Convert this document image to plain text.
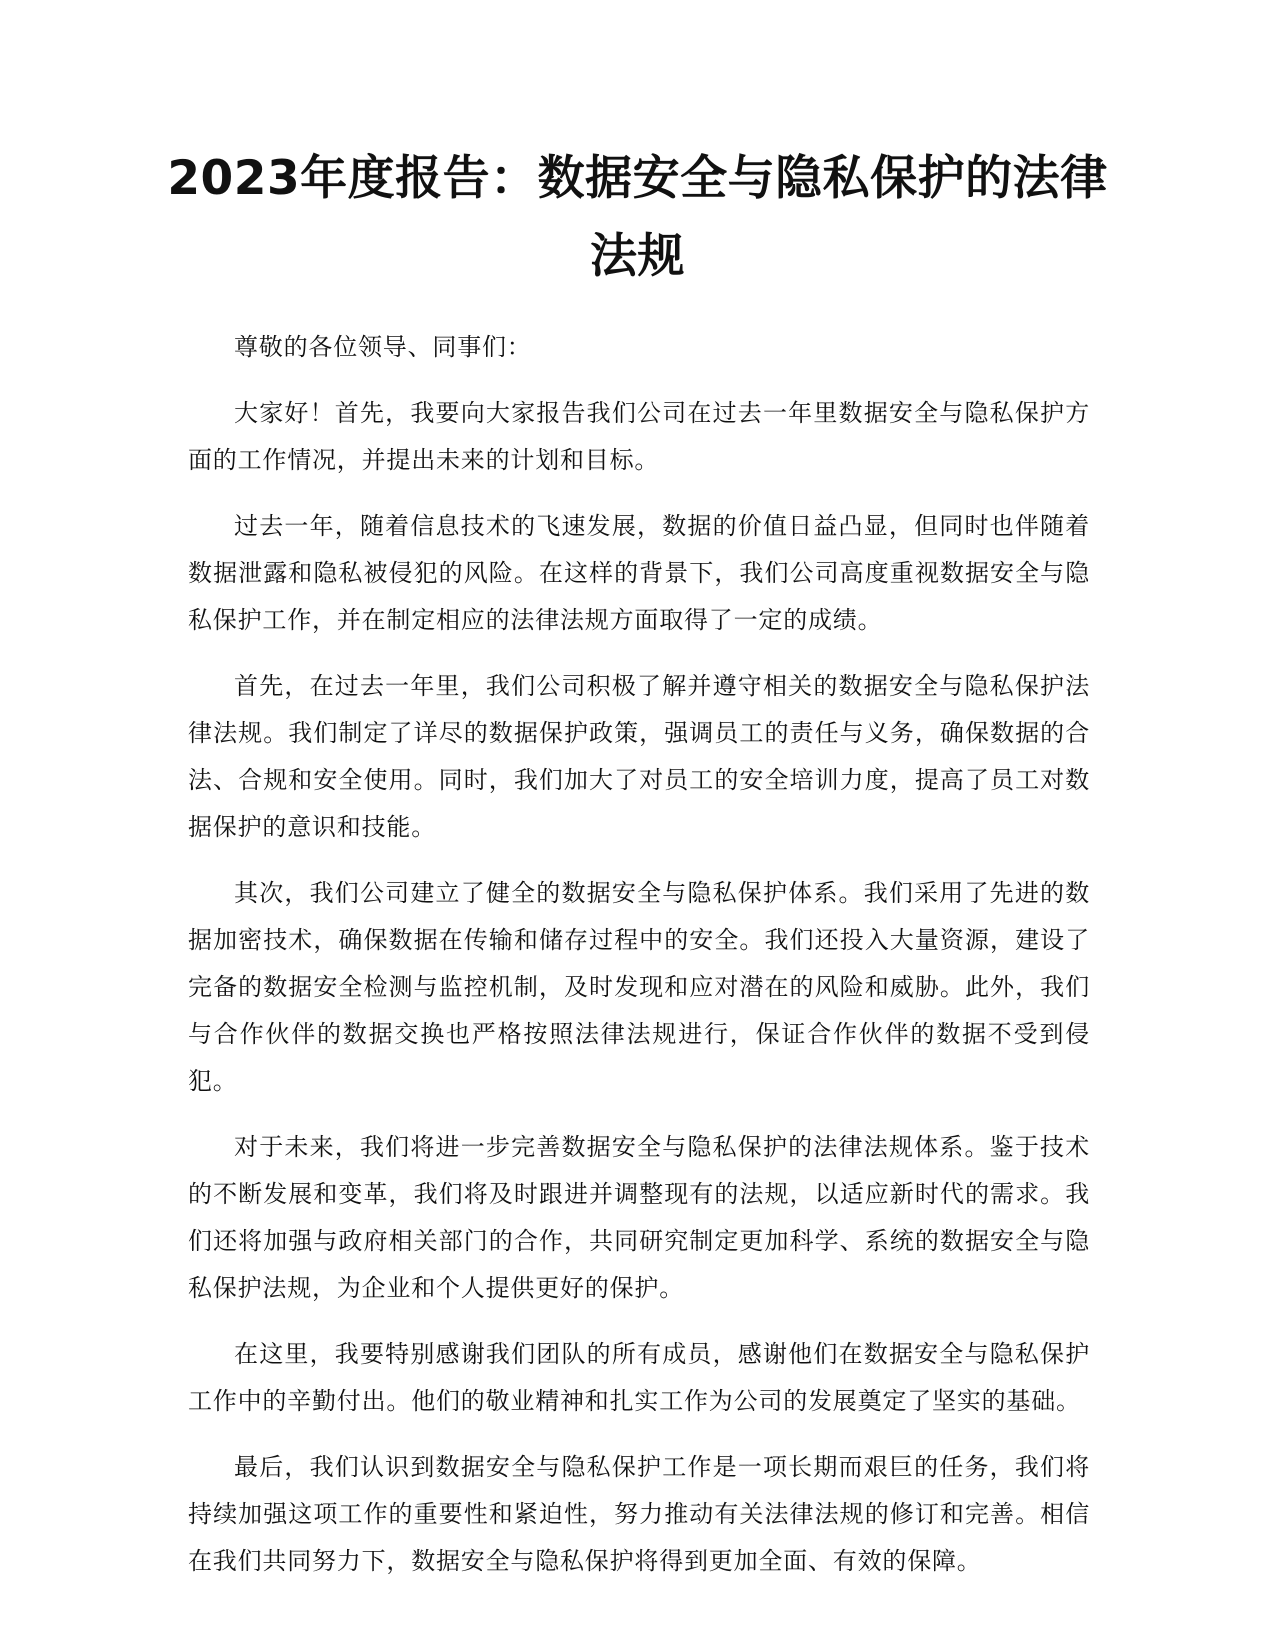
2023年度报告：数据安全与隐私保护的法律法规

尊敬的各位领导、同事们：

大家好！首先，我要向大家报告我们公司在过去一年里数据安全与隐私保护方面的工作情况，并提出未来的计划和目标。

过去一年，随着信息技术的飞速发展，数据的价值日益凸显，但同时也伴随着数据泄露和隐私被侵犯的风险。在这样的背景下，我们公司高度重视数据安全与隐私保护工作，并在制定相应的法律法规方面取得了一定的成绩。

首先，在过去一年里，我们公司积极了解并遵守相关的数据安全与隐私保护法律法规。我们制定了详尽的数据保护政策，强调员工的责任与义务，确保数据的合法、合规和安全使用。同时，我们加大了对员工的安全培训力度，提高了员工对数据保护的意识和技能。

其次，我们公司建立了健全的数据安全与隐私保护体系。我们采用了先进的数据加密技术，确保数据在传输和储存过程中的安全。我们还投入大量资源，建设了完备的数据安全检测与监控机制，及时发现和应对潜在的风险和威胁。此外，我们与合作伙伴的数据交换也严格按照法律法规进行，保证合作伙伴的数据不受到侵犯。

对于未来，我们将进一步完善数据安全与隐私保护的法律法规体系。鉴于技术的不断发展和变革，我们将及时跟进并调整现有的法规，以适应新时代的需求。我们还将加强与政府相关部门的合作，共同研究制定更加科学、系统的数据安全与隐私保护法规，为企业和个人提供更好的保护。

在这里，我要特别感谢我们团队的所有成员，感谢他们在数据安全与隐私保护工作中的辛勤付出。他们的敬业精神和扎实工作为公司的发展奠定了坚实的基础。

最后，我们认识到数据安全与隐私保护工作是一项长期而艰巨的任务，我们将持续加强这项工作的重要性和紧迫性，努力推动有关法律法规的修订和完善。相信在我们共同努力下，数据安全与隐私保护将得到更加全面、有效的保障。
